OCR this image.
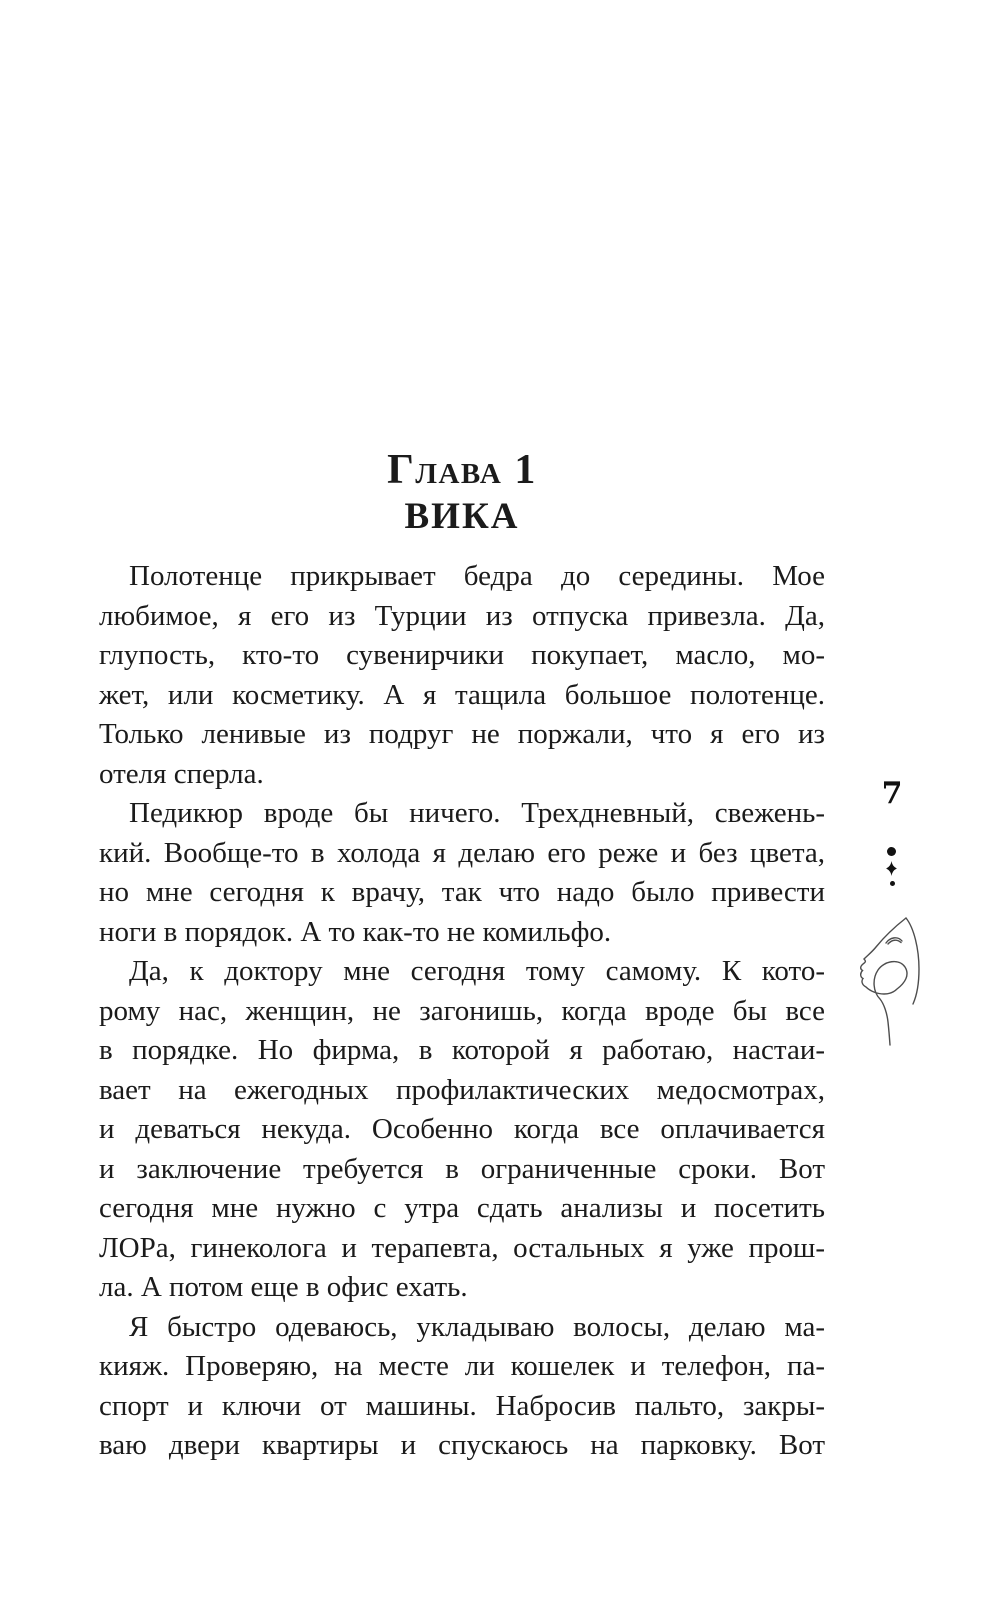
Глава 1
ВИКА

Полотенце прикрывает бедра до середины. Мое
любимое, я его из Турции из отпуска привезла. Да,
глупость, кто-то сувенирчики покупает, масло, мо-
жет, или косметику. А я тащила большое полотенце.
Только ленивые из подруг не поржали, что я его из
отеля сперла.

Педикюр вроде бы ничего. Трехдневный, свежень-
кий. Вообще-то в холода я делаю его реже и без цвета,
но мне сегодня к врачу, так что надо было привести
ноги в порядок. А то как-то не комильфо.

Да, к доктору мне сегодня тому самому. К кото-
рому нас, женщин, не загонишь, когда вроде бы все
в порядке. Но фирма, в которой я работаю, настаи-
вает на ежегодных профилактических медосмотрах,
и деваться некуда. Особенно когда все оплачивается
и заключение требуется в ограниченные сроки. Вот
сегодня мне нужно с утра сдать анализы и посетить
ЛОРа, гинеколога и терапевта, остальных я уже прош-
ла. А потом еще в офис ехать.

Я быстро одеваюсь, укладываю волосы, делаю ма-
кияж. Проверяю, на месте ли кошелек и телефон, па-
спорт и ключи от машины. Набросив пальто, закры-
ваю двери квартиры и спускаюсь на парковку. Вот

7
